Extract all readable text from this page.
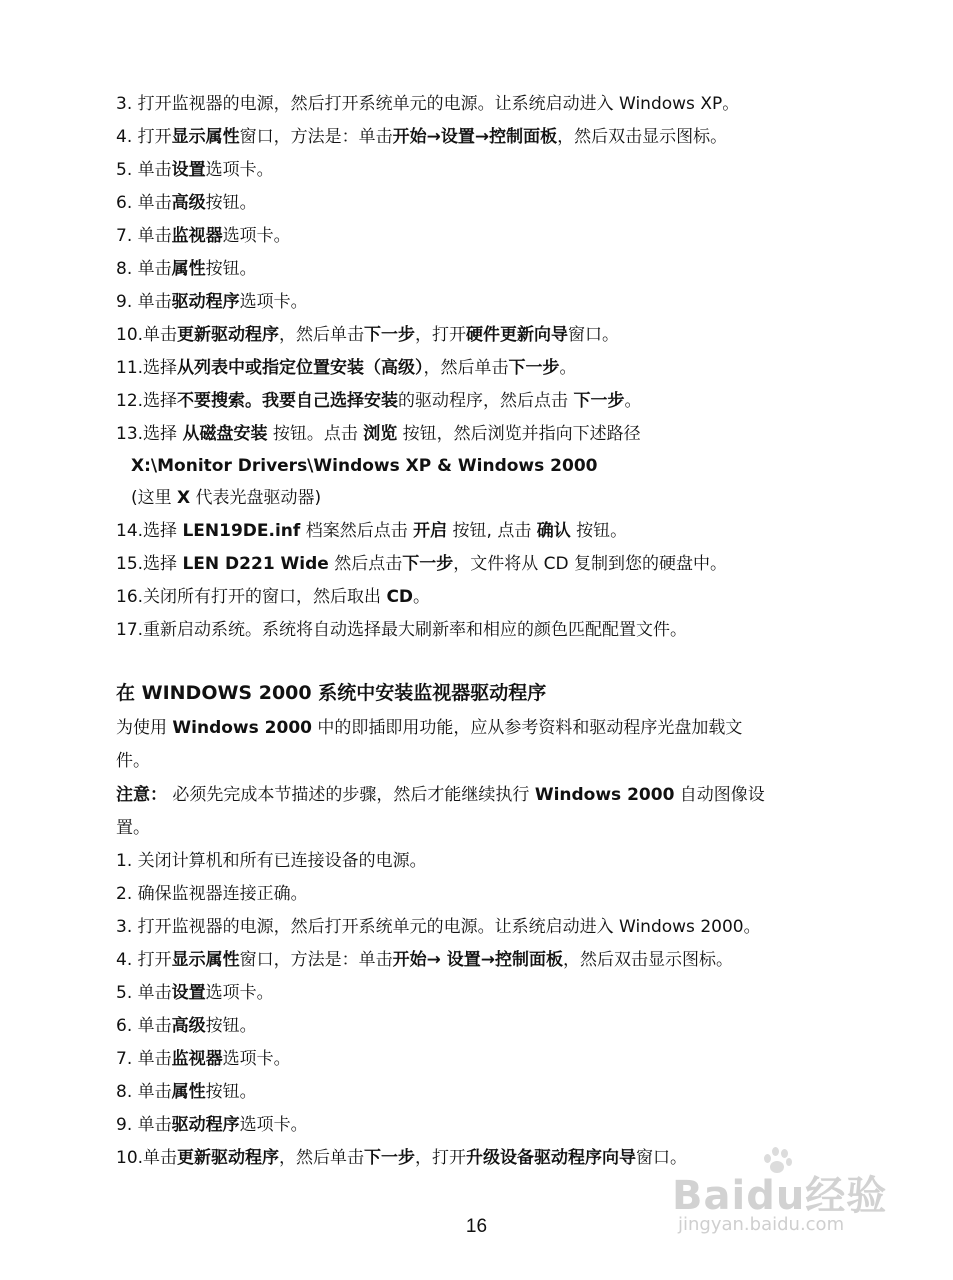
3. 打开监视器的电源，然后打开系统单元的电源。让系统启动进入 Windows XP。
4. 打开显示属性窗口，方法是：单击开始→设置→控制面板，然后双击显示图标。
5. 单击设置选项卡。
6. 单击高级按钮。
7. 单击监视器选项卡。
8. 单击属性按钮。
9. 单击驱动程序选项卡。
10.单击更新驱动程序，然后单击下一步，打开硬件更新向导窗口。
11.选择从列表中或指定位置安装（高级），然后单击下一步。
12.选择不要搜索。我要自己选择安装的驱动程序，然后点击 下一步。
13.选择 从磁盘安装 按钮。点击 浏览 按钮，然后浏览并指向下述路径
X:\Monitor Drivers\Windows XP & Windows 2000
(这里 X 代表光盘驱动器)
14.选择 LEN19DE.inf 档案然后点击 开启 按钮, 点击 确认 按钮。
15.选择 LEN D221 Wide 然后点击下一步，文件将从 CD 复制到您的硬盘中。
16.关闭所有打开的窗口，然后取出 CD。
17.重新启动系统。系统将自动选择最大刷新率和相应的颜色匹配配置文件。
在 WINDOWS 2000 系统中安装监视器驱动程序
为使用 Windows 2000 中的即插即用功能，应从参考资料和驱动程序光盘加载文
件。
注意： 必须先完成本节描述的步骤，然后才能继续执行 Windows 2000 自动图像设
置。
1. 关闭计算机和所有已连接设备的电源。
2. 确保监视器连接正确。
3. 打开监视器的电源，然后打开系统单元的电源。让系统启动进入 Windows 2000。
4. 打开显示属性窗口，方法是：单击开始→ 设置→控制面板，然后双击显示图标。
5. 单击设置选项卡。
6. 单击高级按钮。
7. 单击监视器选项卡。
8. 单击属性按钮。
9. 单击驱动程序选项卡。
10.单击更新驱动程序，然后单击下一步，打开升级设备驱动程序向导窗口。
16
Baidu经验
jingyan.baidu.com
